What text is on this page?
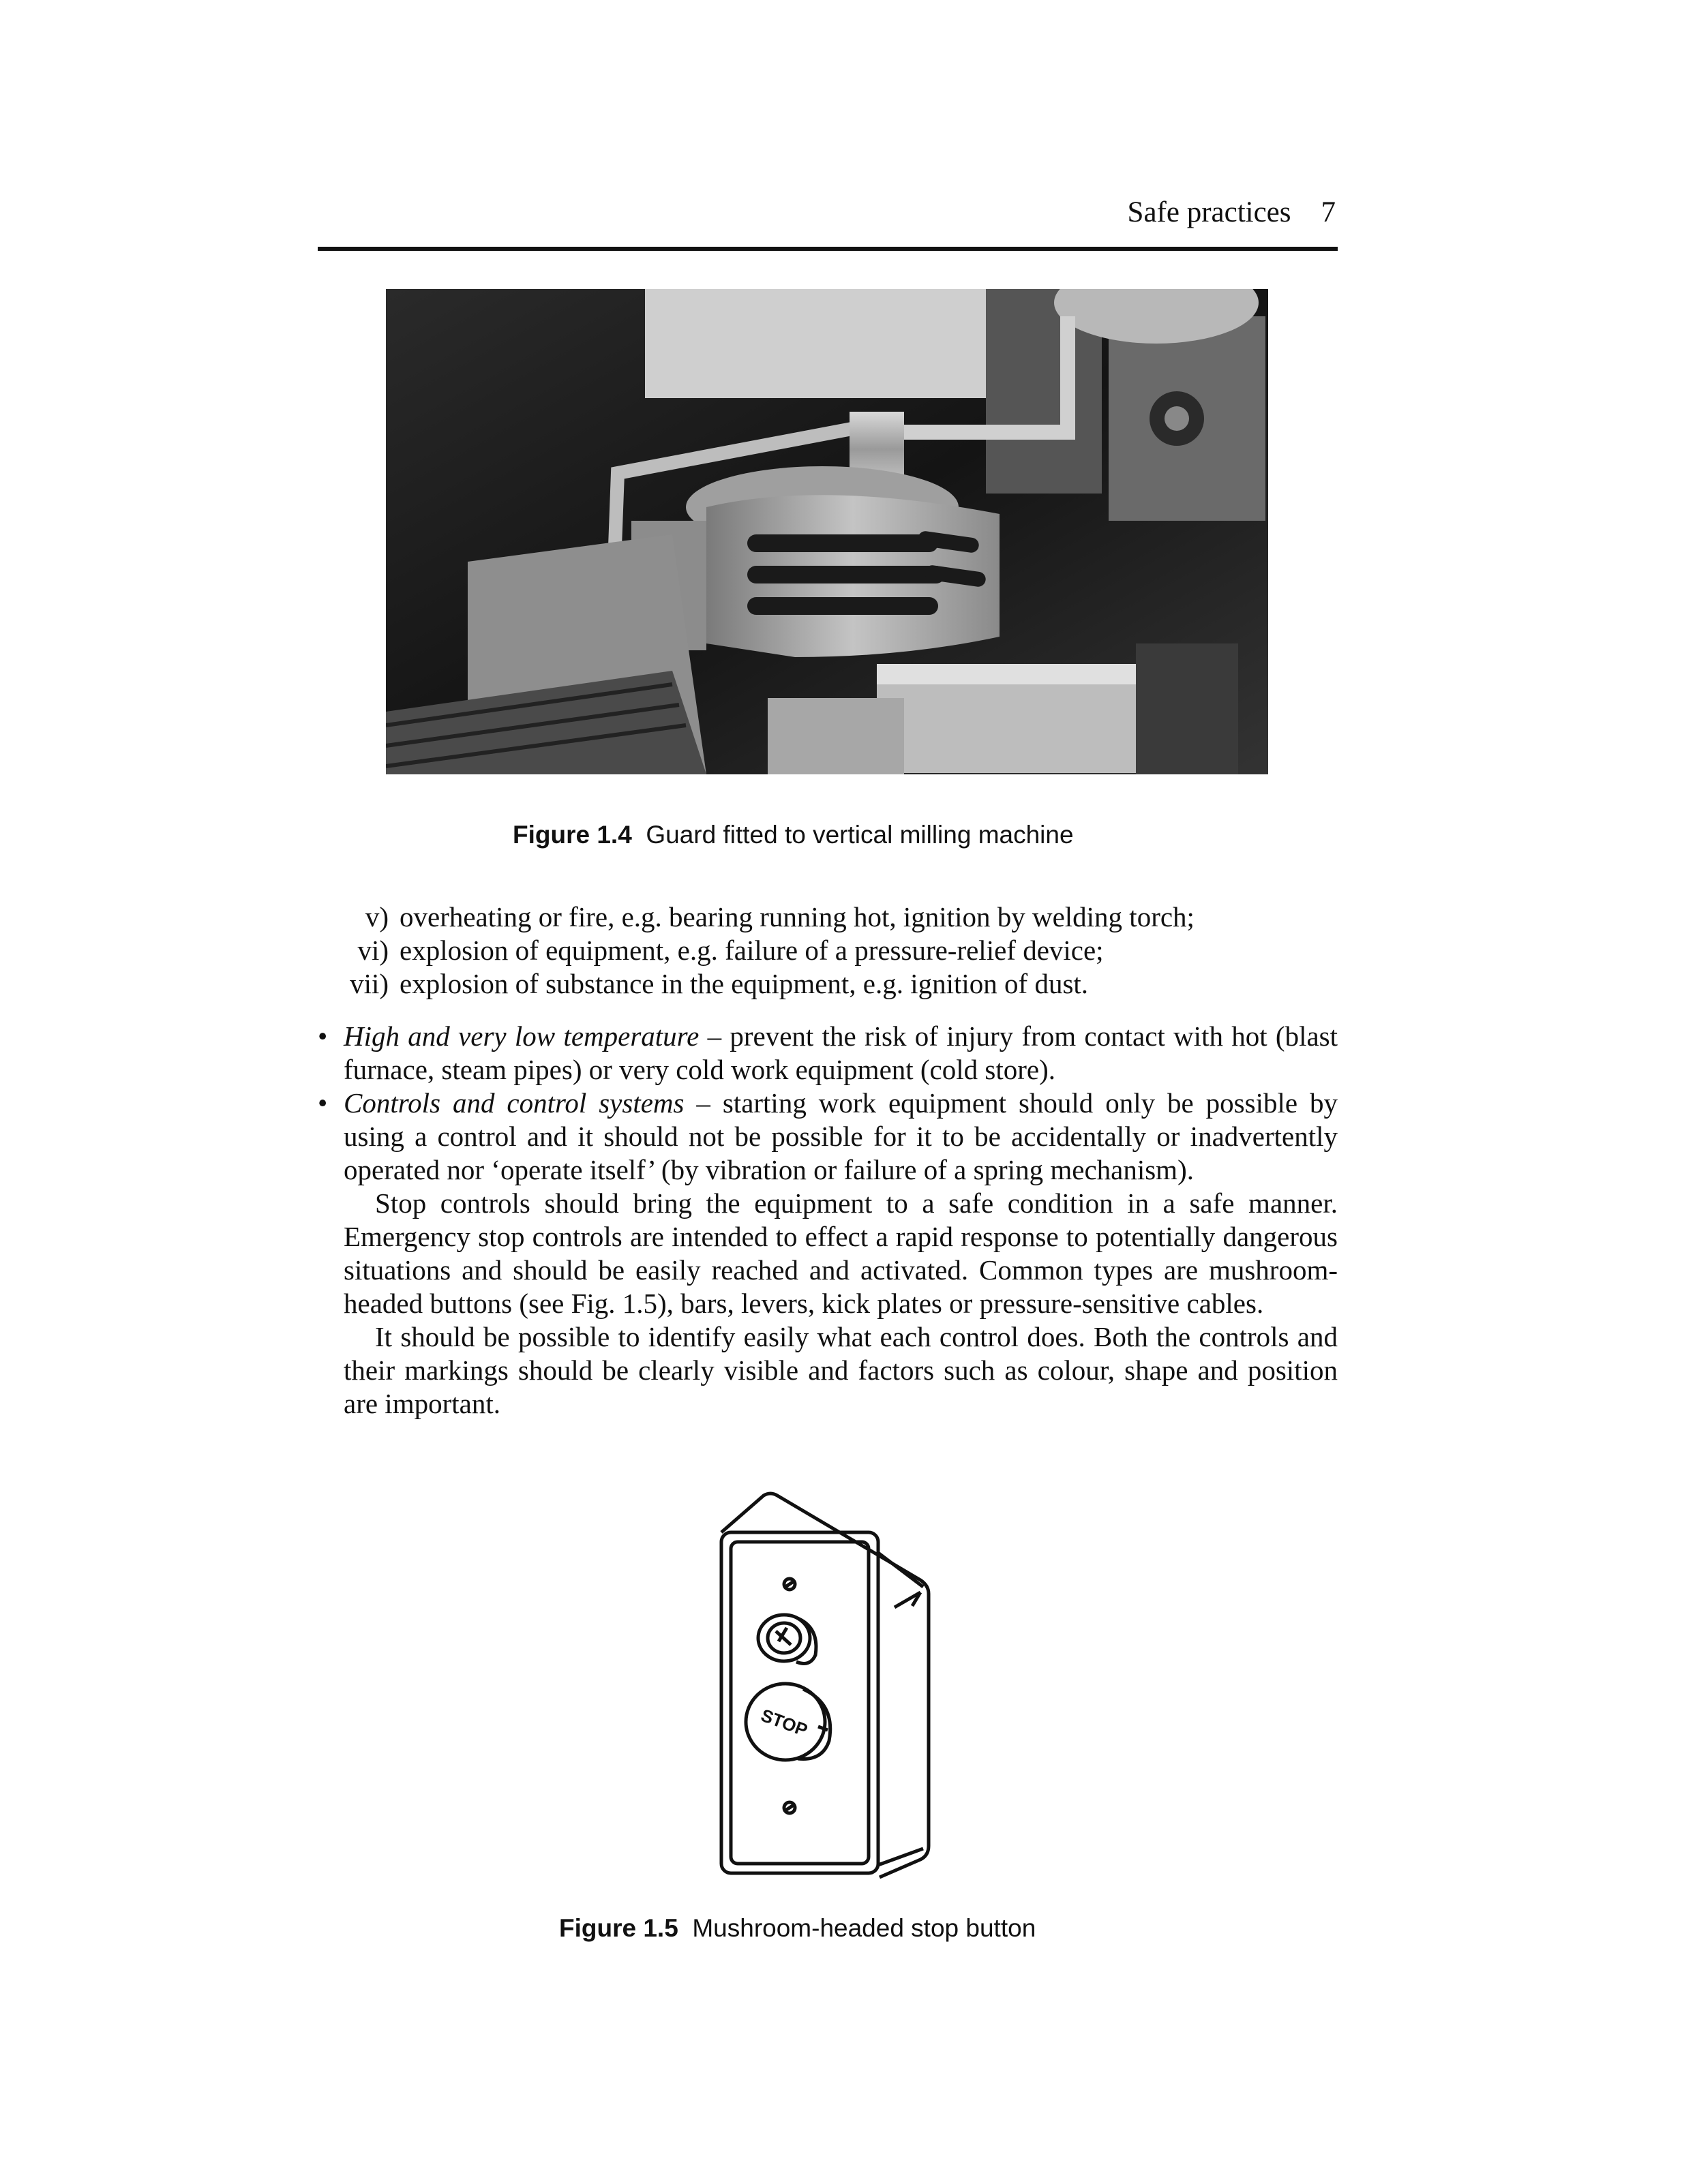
Safe practices 7
Figure 1.4 Guard fitted to vertical milling machine
v) overheating or fire, e.g. bearing running hot, ignition by welding torch;
vi) explosion of equipment, e.g. failure of a pressure-relief device;
vii) explosion of substance in the equipment, e.g. ignition of dust.
• High and very low temperature – prevent the risk of injury from contact with hot (blast furnace, steam pipes) or very cold work equipment (cold store).
• Controls and control systems – starting work equipment should only be possible by using a control and it should not be possible for it to be accidentally or inadvertently operated nor ‘operate itself’ (by vibration or failure of a spring mechanism).
Stop controls should bring the equipment to a safe condition in a safe manner. Emergency stop controls are intended to effect a rapid response to potentially dangerous situations and should be easily reached and activated. Common types are mushroom-headed buttons (see Fig. 1.5), bars, levers, kick plates or pressure-sensitive cables.
It should be possible to identify easily what each control does. Both the controls and their markings should be clearly visible and factors such as colour, shape and position are important.
STOP
Figure 1.5 Mushroom-headed stop button
